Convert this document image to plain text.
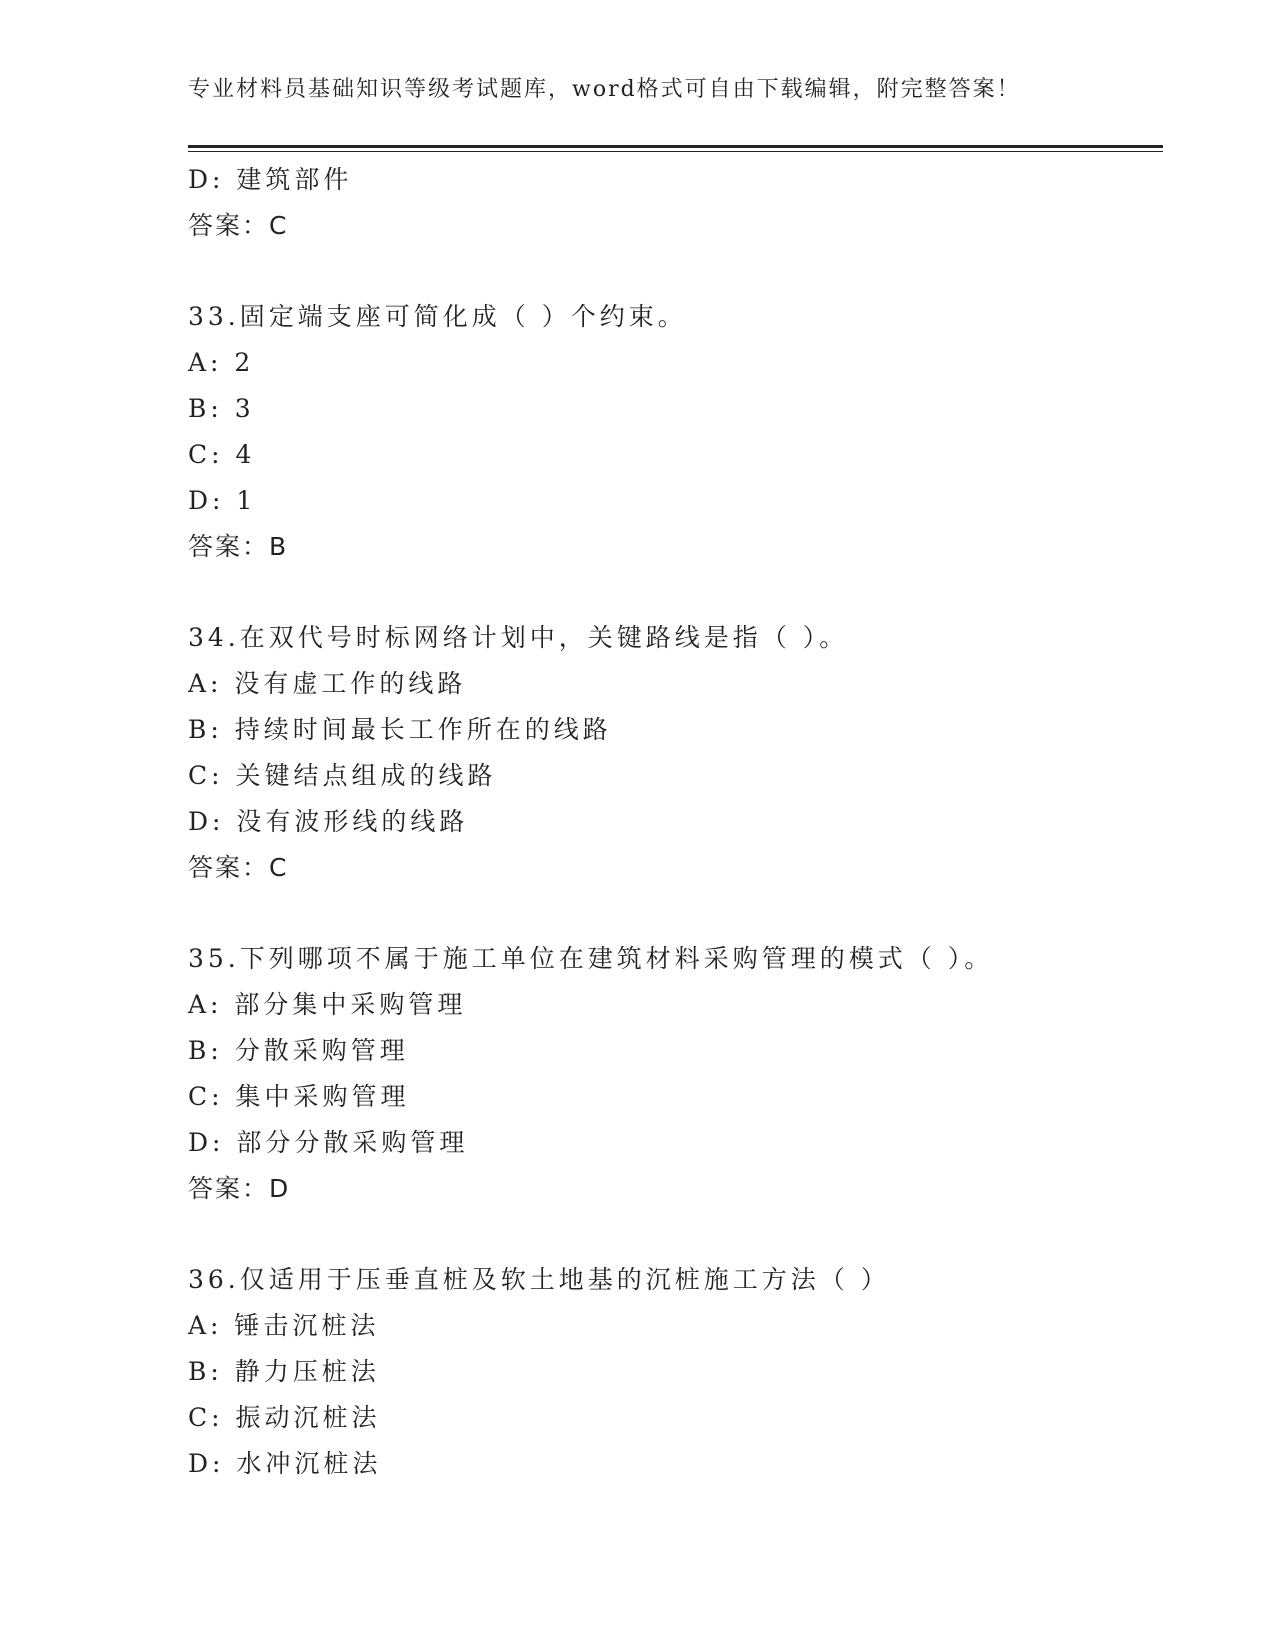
专业材料员基础知识等级考试题库，word格式可自由下载编辑，附完整答案！
D: 建筑部件
答案：C
33.固定端支座可简化成（ ）个约束。
A: 2
B: 3
C: 4
D: 1
答案：B
34.在双代号时标网络计划中，关键路线是指（ ）。
A: 没有虚工作的线路
B: 持续时间最长工作所在的线路
C: 关键结点组成的线路
D: 没有波形线的线路
答案：C
35.下列哪项不属于施工单位在建筑材料采购管理的模式（ ）。
A: 部分集中采购管理
B: 分散采购管理
C: 集中采购管理
D: 部分分散采购管理
答案：D
36.仅适用于压垂直桩及软土地基的沉桩施工方法（ ）
A: 锤击沉桩法
B: 静力压桩法
C: 振动沉桩法
D: 水冲沉桩法
